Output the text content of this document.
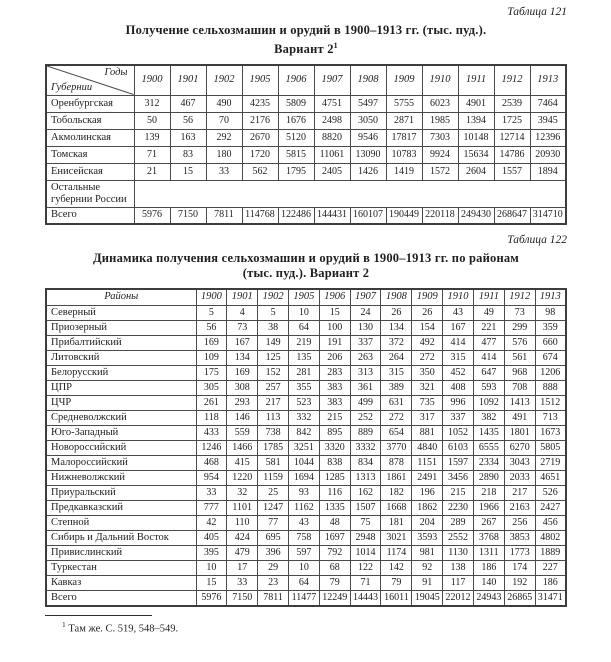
Таблица 121
Получение сельхозмашин и орудий в 1900–1913 гг. (тыс. пуд.).
Вариант $2^1$
Годы
Губернии	1900	1901	1902	1905	1906	1907	1908	1909	1910	1911	1912	1913
Оренбургская	312	467	490	4235	5809	4751	5497	5755	6023	4901	2539	7464
Тобольская	50	56	70	2176	1676	2498	3050	2871	1985	1394	1725	3945
Акмолинская	139	163	292	2670	5120	8820	9546	17817	7303	10148	12714	12396
Томская	71	83	180	1720	5815	11061	13090	10783	9924	15634	14786	20930
Енисейская	21	15	33	562	1795	2405	1426	1419	1572	2604	1557	1894
Остальные губернии России												
Всего	5976	7150	7811	114768	122486	144431	160107	190449	220118	249430	268647	314710
Таблица 122
Динамика получения сельхозмашин и орудий в 1900–1913 гг. по районам
(тыс. пуд.). Вариант 2
Районы	1900	1901	1902	1905	1906	1907	1908	1909	1910	1911	1912	1913
Северный	5	4	5	10	15	24	26	26	43	49	73	98
Приозерный	56	73	38	64	100	130	134	154	167	221	299	359
Прибалтийский	169	167	149	219	191	337	372	492	414	477	576	660
Литовский	109	134	125	135	206	263	264	272	315	414	561	674
Белорусский	175	169	152	281	283	313	315	350	452	647	968	1206
ЦПР	305	308	257	355	383	361	389	321	408	593	708	888
ЦЧР	261	293	217	523	383	499	631	735	996	1092	1413	1512
Средневолжский	118	146	113	332	215	252	272	317	337	382	491	713
Юго-Западный	433	559	738	842	895	889	654	881	1052	1435	1801	1673
Новороссийский	1246	1466	1785	3251	3320	3332	3770	4840	6103	6555	6270	5805
Малороссийский	468	415	581	1044	838	834	878	1151	1597	2334	3043	2719
Нижневолжский	954	1220	1159	1694	1285	1313	1861	2491	3456	2890	2033	4651
Приуральский	33	32	25	93	116	162	182	196	215	218	217	526
Предкавказский	777	1101	1247	1162	1335	1507	1668	1862	2230	1966	2163	2427
Степной	42	110	77	43	48	75	181	204	289	267	256	456
Сибирь и Дальний Восток	405	424	695	758	1697	2948	3021	3593	2552	3768	3853	4802
Привислинский	395	479	396	597	792	1014	1174	981	1130	1311	1773	1889
Туркестан	10	17	29	10	68	122	142	92	138	186	174	227
Кавказ	15	33	23	64	79	71	79	91	117	140	192	186
Всего	5976	7150	7811	11477	12249	14443	16011	19045	22012	24943	26865	31471
$^1$ Там же. С. 519, 548–549.
